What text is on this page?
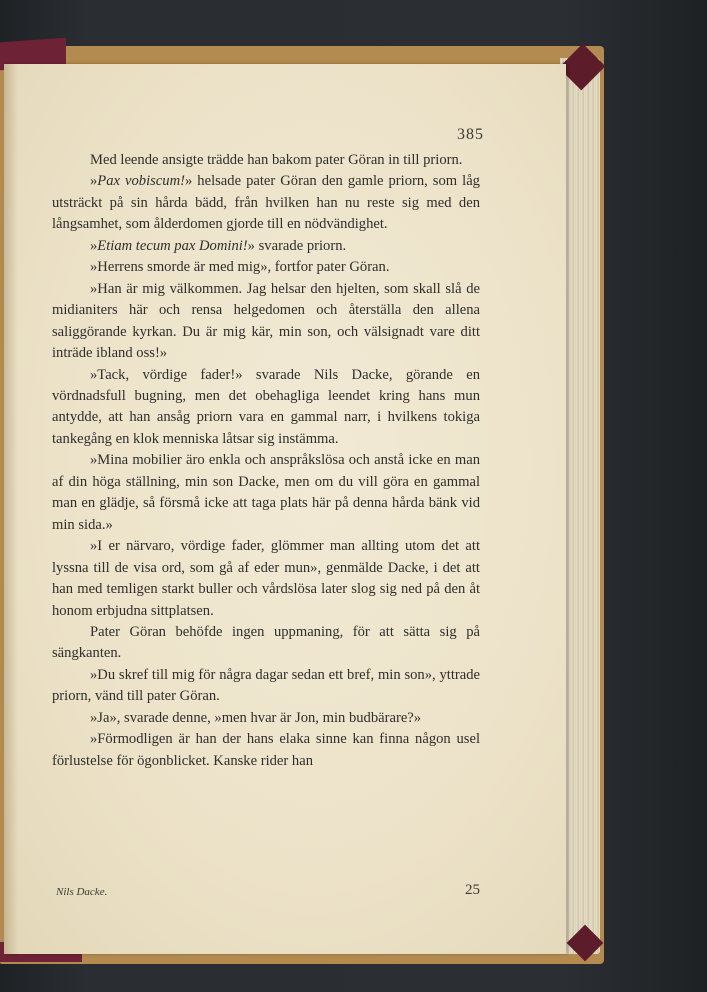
385

Med leende ansigte trädde han bakom pater Göran in till priorn.

»Pax vobiscum!» helsade pater Göran den gamle priorn, som låg utsträckt på sin hårda bädd, från hvilken han nu reste sig med den långsamhet, som ålderdomen gjorde till en nödvändighet.

»Etiam tecum pax Domini!» svarade priorn.

»Herrens smorde är med mig», fortfor pater Göran.

»Han är mig välkommen. Jag helsar den hjelten, som skall slå de midianiters här och rensa helgedomen och återställa den allena saliggörande kyrkan. Du är mig kär, min son, och välsignadt vare ditt inträde ibland oss!»

»Tack, vördige fader!» svarade Nils Dacke, görande en vördnadsfull bugning, men det obehagliga leendet kring hans mun antydde, att han ansåg priorn vara en gammal narr, i hvilkens tokiga tankegång en klok menniska låtsar sig instämma.

»Mina mobilier äro enkla och anspråkslösa och anstå icke en man af din höga ställning, min son Dacke, men om du vill göra en gammal man en glädje, så försmå icke att taga plats här på denna hårda bänk vid min sida.»

»I er närvaro, vördige fader, glömmer man allting utom det att lyssna till de visa ord, som gå af eder mun», genmälde Dacke, i det att han med temligen starkt buller och vårdslösa later slog sig ned på den åt honom erbjudna sittplatsen.

Pater Göran behöfde ingen uppmaning, för att sätta sig på sängkanten.

»Du skref till mig för några dagar sedan ett bref, min son», yttrade priorn, vänd till pater Göran.

»Ja», svarade denne, »men hvar är Jon, min budbärare?»

»Förmodligen är han der hans elaka sinne kan finna någon usel förlustelse för ögonblicket. Kanske rider han

Nils Dacke.	25
